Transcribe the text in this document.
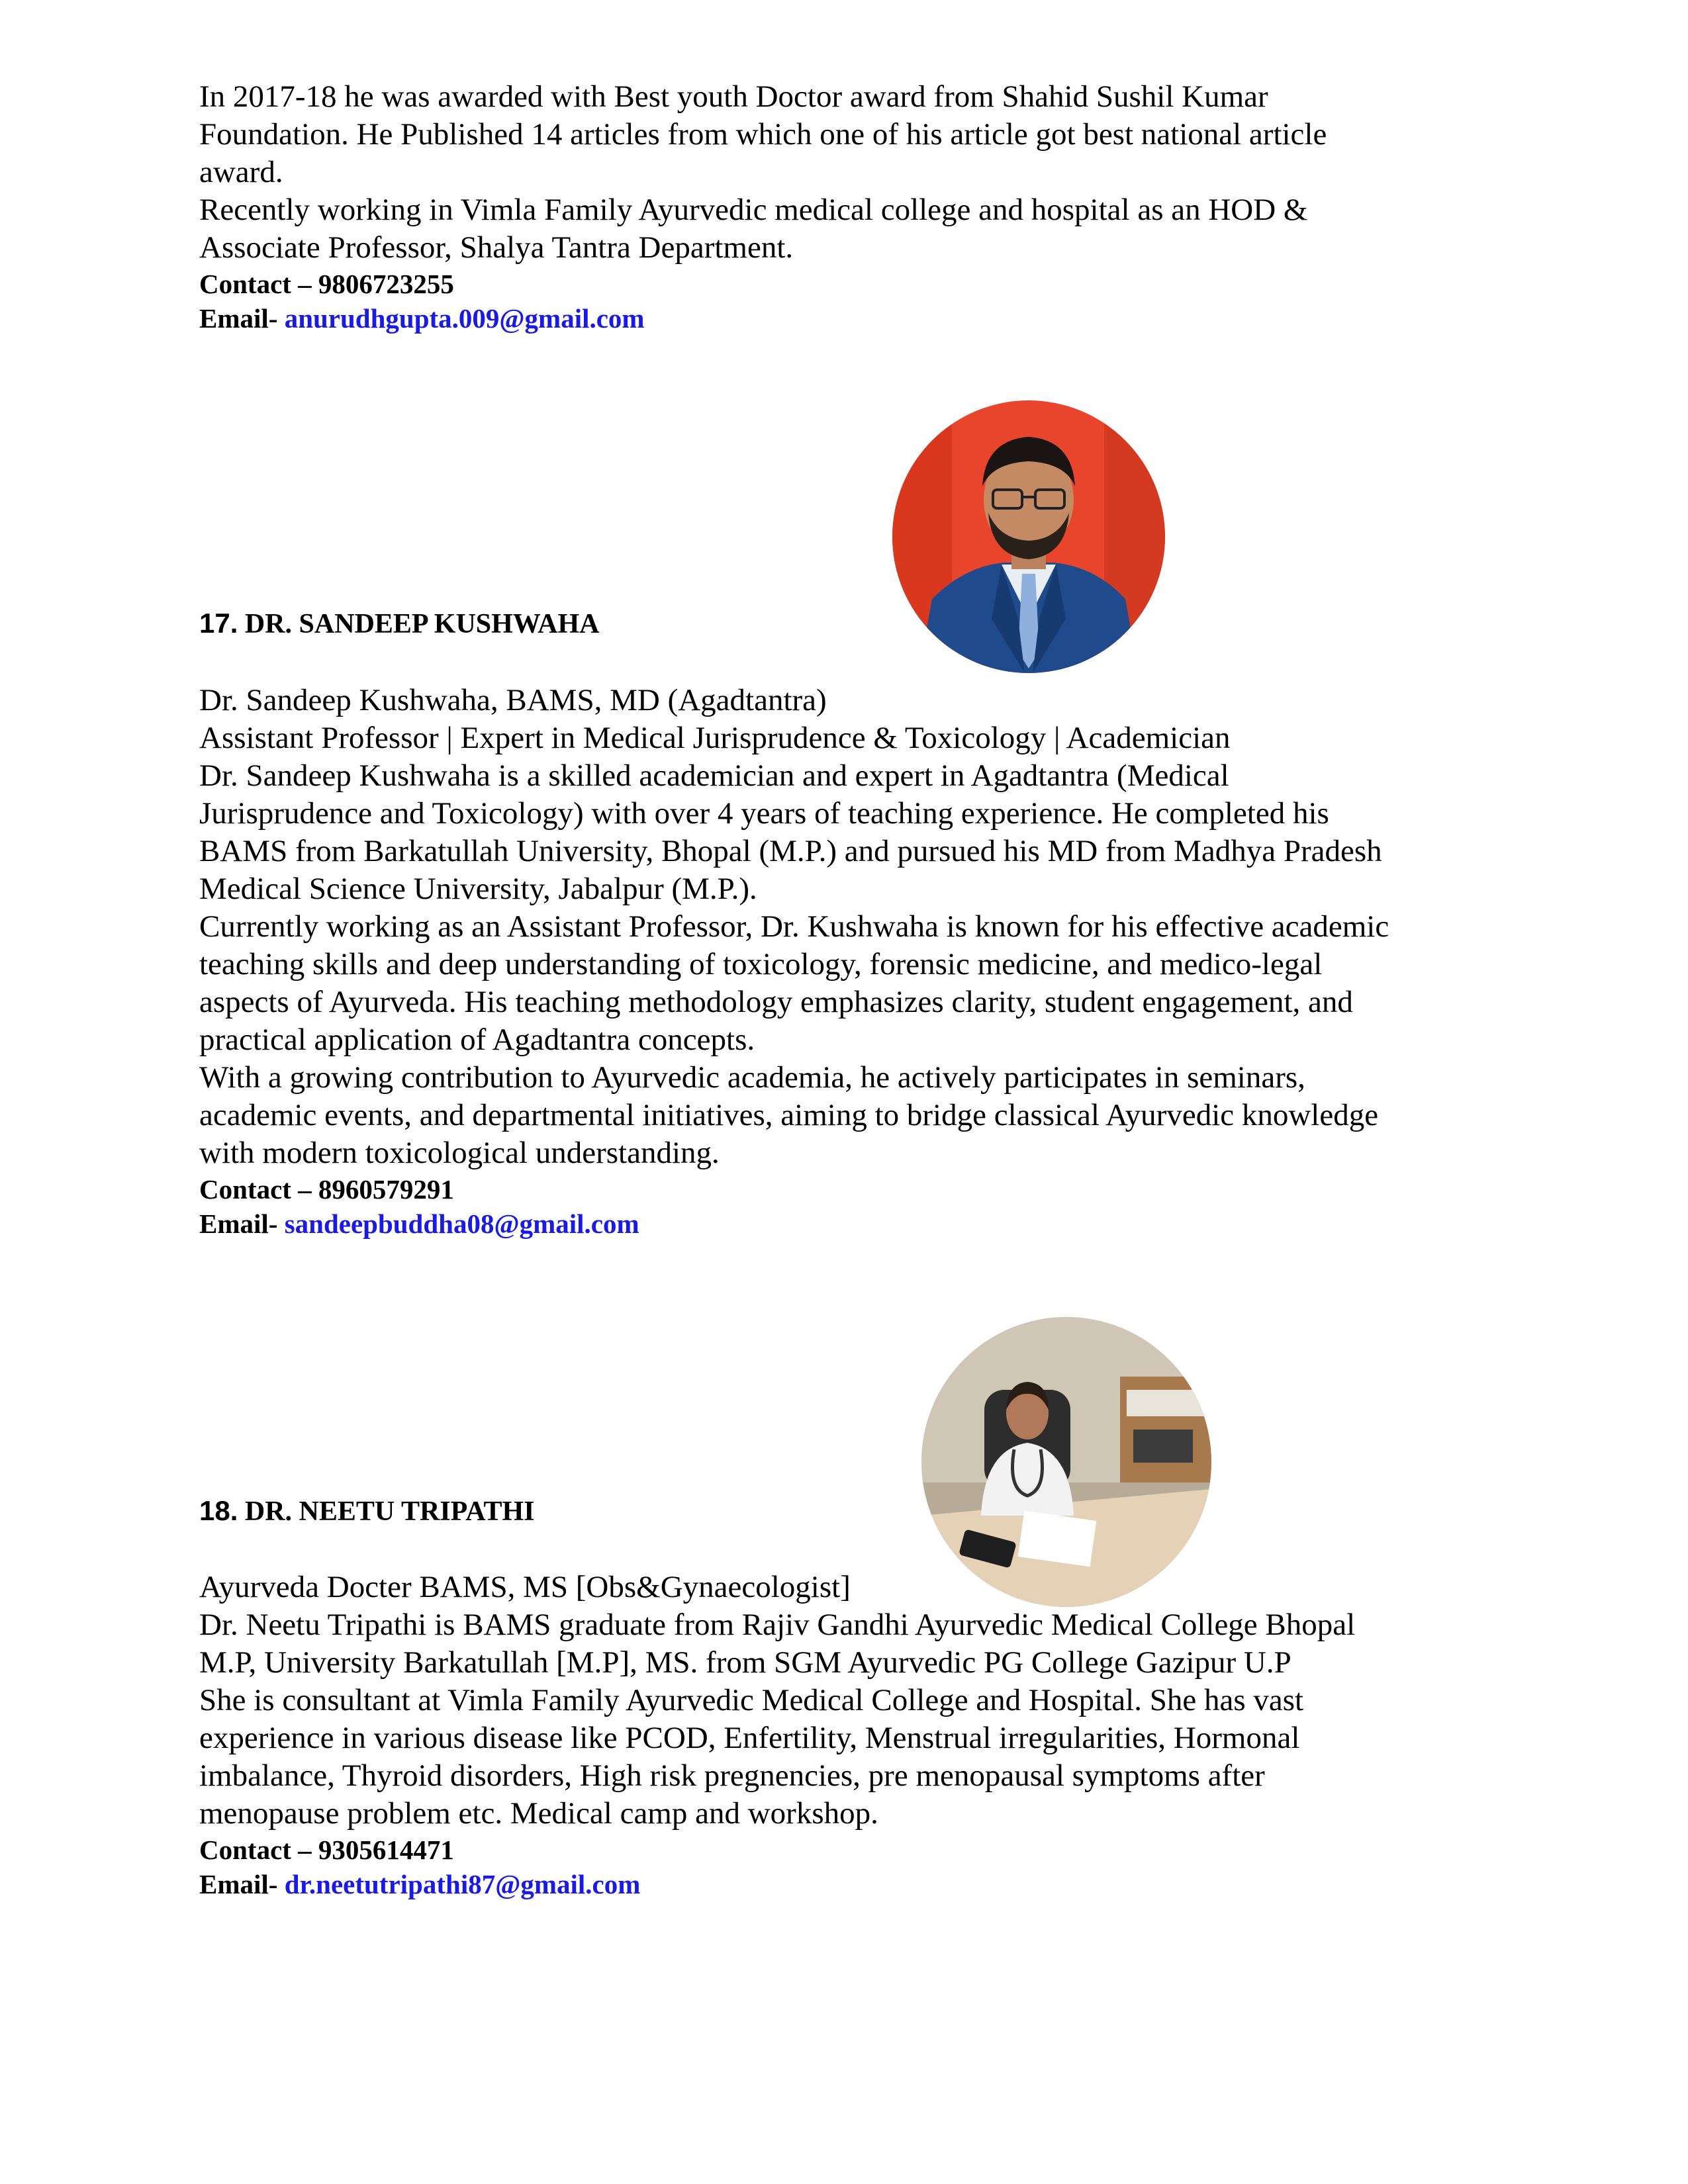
In 2017-18 he was awarded with Best youth Doctor award from Shahid Sushil Kumar

Foundation. He Published 14 articles from which one of his article got best national article

award.

Recently working in Vimla Family Ayurvedic medical college and hospital as an HOD &

Associate Professor, Shalya Tantra Department.

Contact – 9806723255

Email- anurudhgupta.009@gmail.com

17. DR. SANDEEP KUSHWAHA

Dr. Sandeep Kushwaha, BAMS, MD (Agadtantra)

Assistant Professor | Expert in Medical Jurisprudence & Toxicology | Academician

Dr. Sandeep Kushwaha is a skilled academician and expert in Agadtantra (Medical

Jurisprudence and Toxicology) with over 4 years of teaching experience. He completed his

BAMS from Barkatullah University, Bhopal (M.P.) and pursued his MD from Madhya Pradesh

Medical Science University, Jabalpur (M.P.).

Currently working as an Assistant Professor, Dr. Kushwaha is known for his effective academic

teaching skills and deep understanding of toxicology, forensic medicine, and medico-legal

aspects of Ayurveda. His teaching methodology emphasizes clarity, student engagement, and

practical application of Agadtantra concepts.

With a growing contribution to Ayurvedic academia, he actively participates in seminars,

academic events, and departmental initiatives, aiming to bridge classical Ayurvedic knowledge

with modern toxicological understanding.

Contact – 8960579291

Email- sandeepbuddha08@gmail.com

18. DR. NEETU TRIPATHI

Ayurveda Docter BAMS, MS [Obs&Gynaecologist]

Dr. Neetu Tripathi is BAMS graduate from Rajiv Gandhi Ayurvedic Medical College Bhopal

M.P, University Barkatullah [M.P], MS. from SGM Ayurvedic PG College Gazipur U.P

She is consultant at Vimla Family Ayurvedic Medical College and Hospital. She has vast

experience in various disease like PCOD, Enfertility, Menstrual irregularities, Hormonal

imbalance, Thyroid disorders, High risk pregnencies, pre menopausal symptoms after

menopause problem etc. Medical camp and workshop.

Contact – 9305614471

Email- dr.neetutripathi87@gmail.com
